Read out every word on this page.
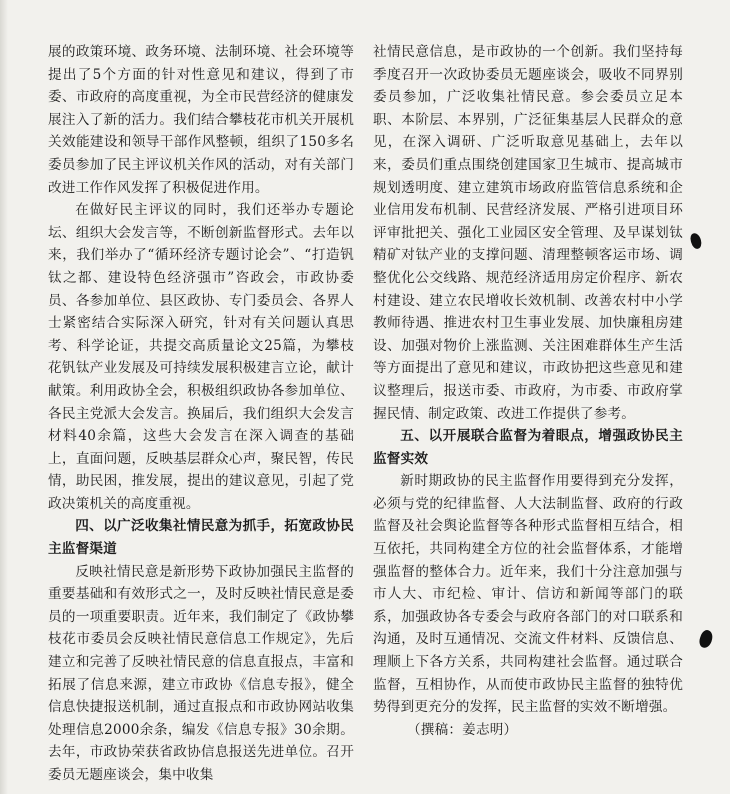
展的政策环境、政务环境、法制环境、社会环境等提出了5个方面的针对性意见和建议，得到了市委、市政府的高度重视，为全市民营经济的健康发展注入了新的活力。我们结合攀枝花市机关开展机关效能建设和领导干部作风整顿，组织了150多名委员参加了民主评议机关作风的活动，对有关部门改进工作作风发挥了积极促进作用。

在做好民主评议的同时，我们还举办专题论坛、组织大会发言等，不断创新监督形式。去年以来，我们举办了“循环经济专题讨论会”、“打造钒钛之都、建设特色经济强市”咨政会，市政协委员、各参加单位、县区政协、专门委员会、各界人士紧密结合实际深入研究，针对有关问题认真思考、科学论证，共提交高质量论文25篇，为攀枝花钒钛产业发展及可持续发展积极建言立论，献计献策。利用政协全会，积极组织政协各参加单位、各民主党派大会发言。换届后，我们组织大会发言材料40余篇，这些大会发言在深入调查的基础上，直面问题，反映基层群众心声，聚民智，传民情，助民困，推发展，提出的建议意见，引起了党政决策机关的高度重视。

四、以广泛收集社情民意为抓手，拓宽政协民主监督渠道

反映社情民意是新形势下政协加强民主监督的重要基础和有效形式之一，及时反映社情民意是委员的一项重要职责。近年来，我们制定了《政协攀枝花市委员会反映社情民意信息工作规定》，先后建立和完善了反映社情民意的信息直报点，丰富和拓展了信息来源，建立市政协《信息专报》，健全信息快捷报送机制，通过直报点和市政协网站收集处理信息2000余条，编发《信息专报》30余期。去年，市政协荣获省政协信息报送先进单位。召开委员无题座谈会，集中收集

社情民意信息，是市政协的一个创新。我们坚持每季度召开一次政协委员无题座谈会，吸收不同界别委员参加，广泛收集社情民意。参会委员立足本职、本阶层、本界别，广泛征集基层人民群众的意见，在深入调研、广泛听取意见基础上，去年以来，委员们重点围绕创建国家卫生城市、提高城市规划透明度、建立建筑市场政府监管信息系统和企业信用发布机制、民营经济发展、严格引进项目环评审批把关、强化工业园区安全管理、及早谋划钛精矿对钛产业的支撑问题、清理整顿客运市场、调整优化公交线路、规范经济适用房定价程序、新农村建设、建立农民增收长效机制、改善农村中小学教师待遇、推进农村卫生事业发展、加快廉租房建设、加强对物价上涨监测、关注困难群体生产生活等方面提出了意见和建议，市政协把这些意见和建议整理后，报送市委、市政府，为市委、市政府掌握民情、制定政策、改进工作提供了参考。

五、以开展联合监督为着眼点，增强政协民主监督实效

新时期政协的民主监督作用要得到充分发挥，必须与党的纪律监督、人大法制监督、政府的行政监督及社会舆论监督等各种形式监督相互结合，相互依托，共同构建全方位的社会监督体系，才能增强监督的整体合力。近年来，我们十分注意加强与市人大、市纪检、审计、信访和新闻等部门的联系，加强政协各专委会与政府各部门的对口联系和沟通，及时互通情况、交流文件材料、反馈信息、理顺上下各方关系，共同构建社会监督。通过联合监督，互相协作，从而使市政协民主监督的独特优势得到更充分的发挥，民主监督的实效不断增强。

（撰稿：姜志明）
